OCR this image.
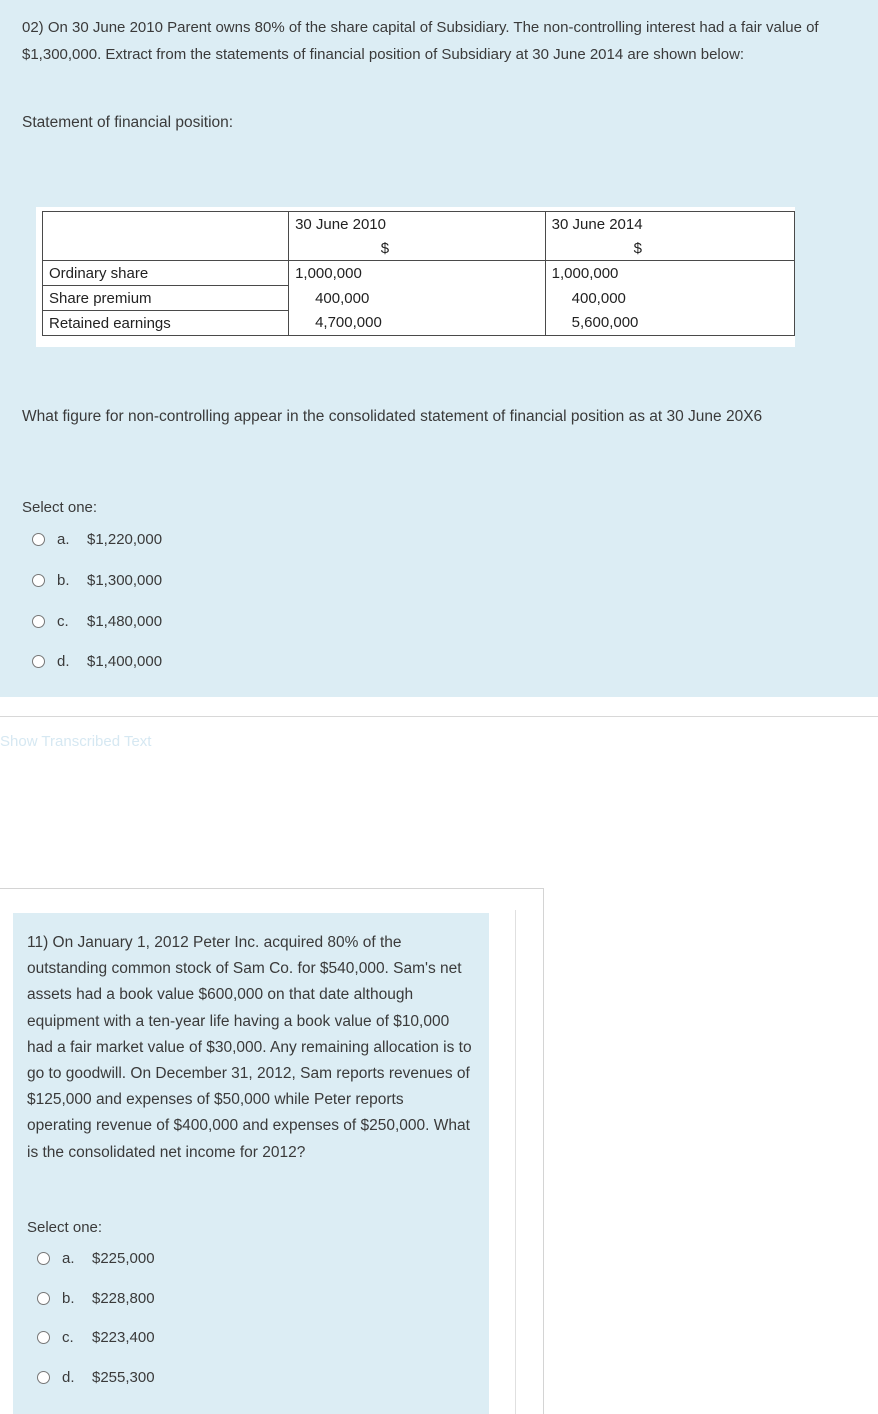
02) On 30 June 2010 Parent owns 80% of the share capital of Subsidiary. The non-controlling interest had a fair value of $1,300,000. Extract from the statements of financial position of Subsidiary at 30 June 2014 are shown below:
Statement of financial position:
	30 June 2010	30 June 2014
	$	$
Ordinary share	1,000,000	1,000,000
Share premium	400,000	400,000
Retained earnings	4,700,000	5,600,000
What figure for non-controlling appear in the consolidated statement of financial position as at 30 June 20X6
Select one:
a.	$1,220,000
b.	$1,300,000
c.	$1,480,000
d.	$1,400,000
Show Transcribed Text
11) On January 1, 2012 Peter Inc. acquired 80% of the outstanding common stock of Sam Co. for $540,000. Sam's net assets had a book value $600,000 on that date although equipment with a ten-year life having a book value of $10,000 had a fair market value of $30,000. Any remaining allocation is to go to goodwill. On December 31, 2012, Sam reports revenues of $125,000 and expenses of $50,000 while Peter reports operating revenue of $400,000 and expenses of $250,000. What is the consolidated net income for 2012?
Select one:
a.	$225,000
b.	$228,800
c.	$223,400
d.	$255,300
